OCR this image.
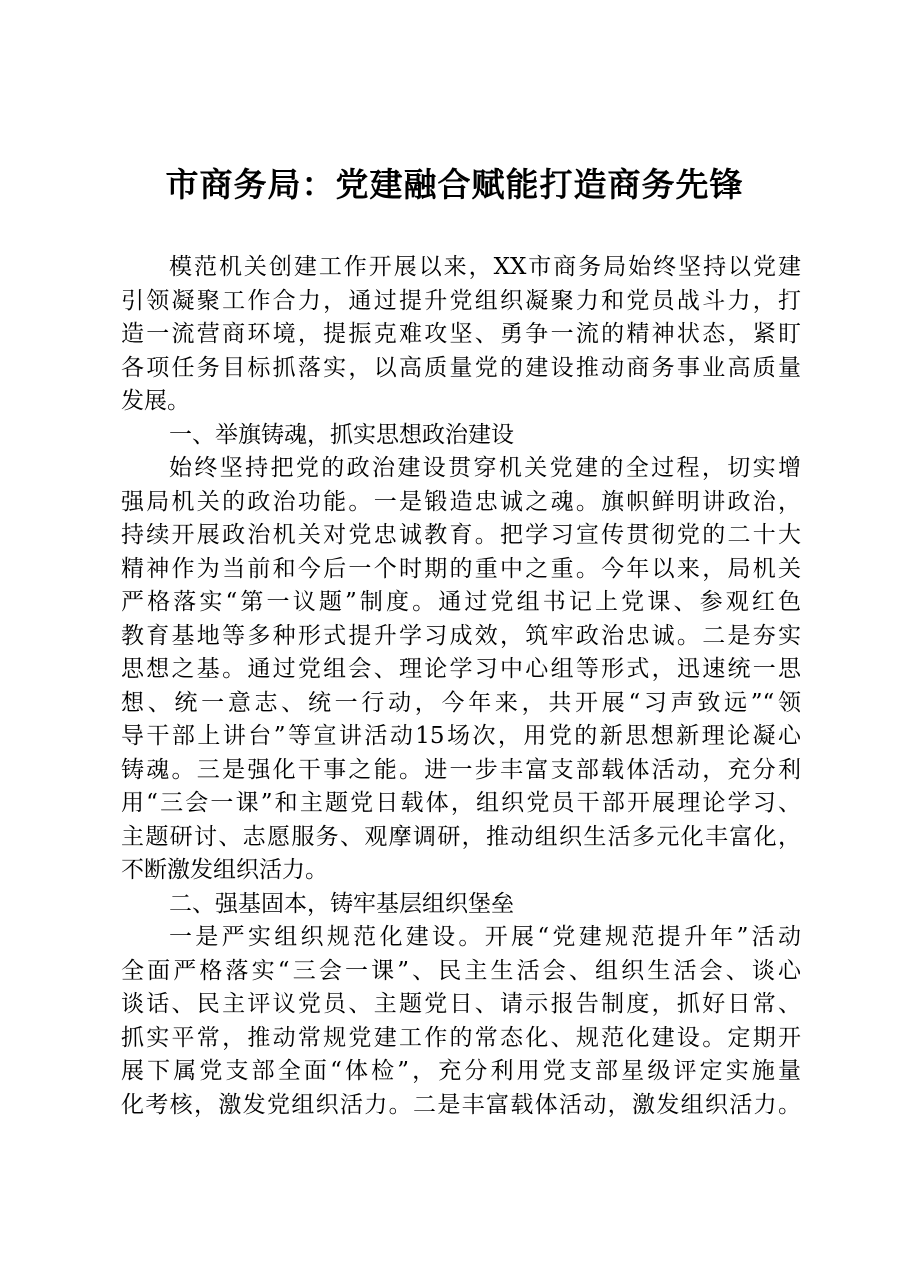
市商务局：党建融合赋能打造商务先锋
模范机关创建工作开展以来，XX市商务局始终坚持以党建
引领凝聚工作合力，通过提升党组织凝聚力和党员战斗力，打
造一流营商环境，提振克难攻坚、勇争一流的精神状态，紧盯
各项任务目标抓落实，以高质量党的建设推动商务事业高质量
发展。
一、举旗铸魂，抓实思想政治建设
始终坚持把党的政治建设贯穿机关党建的全过程，切实增
强局机关的政治功能。一是锻造忠诚之魂。旗帜鲜明讲政治，
持续开展政治机关对党忠诚教育。把学习宣传贯彻党的二十大
精神作为当前和今后一个时期的重中之重。今年以来，局机关
严格落实“第一议题”制度。通过党组书记上党课、参观红色
教育基地等多种形式提升学习成效，筑牢政治忠诚。二是夯实
思想之基。通过党组会、理论学习中心组等形式，迅速统一思
想、统一意志、统一行动，今年来，共开展“习声致远”“领
导干部上讲台”等宣讲活动15场次，用党的新思想新理论凝心
铸魂。三是强化干事之能。进一步丰富支部载体活动，充分利
用“三会一课”和主题党日载体，组织党员干部开展理论学习、
主题研讨、志愿服务、观摩调研，推动组织生活多元化丰富化，
不断激发组织活力。
二、强基固本，铸牢基层组织堡垒
一是严实组织规范化建设。开展“党建规范提升年”活动
全面严格落实“三会一课”、民主生活会、组织生活会、谈心
谈话、民主评议党员、主题党日、请示报告制度，抓好日常、
抓实平常，推动常规党建工作的常态化、规范化建设。定期开
展下属党支部全面“体检”，充分利用党支部星级评定实施量
化考核，激发党组织活力。二是丰富载体活动，激发组织活力。
